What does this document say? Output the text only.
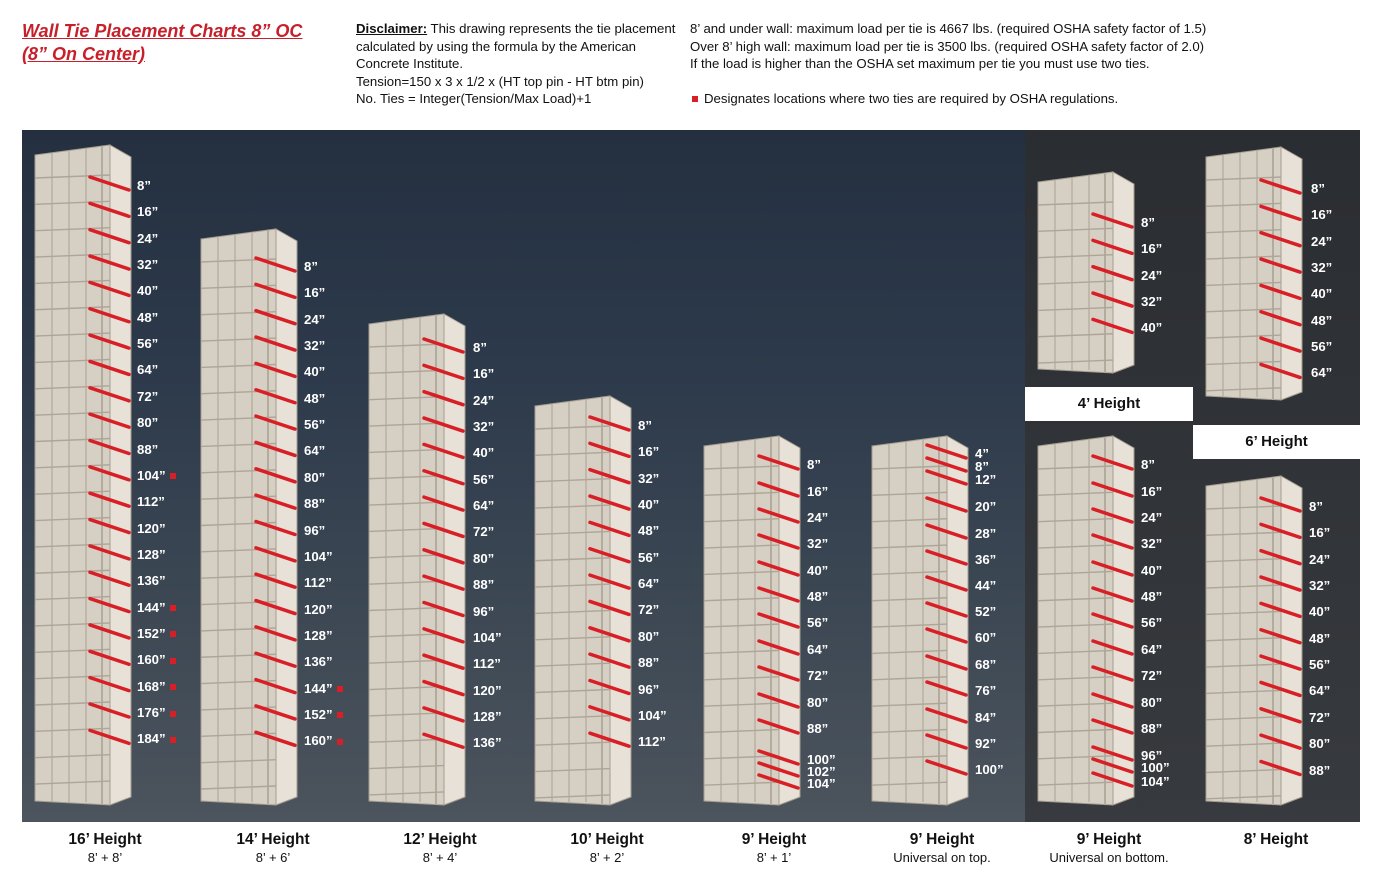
Wall Tie Placement Charts 8” OC
(8” On Center)
Disclaimer: This drawing represents the tie placement calculated by using the formula by the American Concrete Institute.
Tension=150 x 3 x 1/2 x (HT top pin - HT btm pin)
No. Ties = Integer(Tension/Max Load)+1
8’ and under wall: maximum load per tie is 4667 lbs. (required OSHA safety factor of 1.5)
Over 8’ high wall: maximum load per tie is 3500 lbs. (required OSHA safety factor of 2.0)
If the load is higher than the OSHA set maximum per tie you must use two ties.
Designates locations where two ties are required by OSHA regulations.
8”
16”
24”
32”
40”
48”
56”
64”
72”
80”
88”
104”
112”
120”
128”
136”
144”
152”
160”
168”
176”
184”
8”
16”
24”
32”
40”
48”
56”
64”
80”
88”
96”
104”
112”
120”
128”
136”
144”
152”
160”
8”
16”
24”
32”
40”
56”
64”
72”
80”
88”
96”
104”
112”
120”
128”
136”
8”
16”
32”
40”
48”
56”
64”
72”
80”
88”
96”
104”
112”
8”
16”
24”
32”
40”
48”
56”
64”
72”
80”
88”
100”
102”
104”
4”
8”
12”
20”
28”
36”
44”
52”
60”
68”
76”
84”
92”
100”
8”
16”
24”
32”
40”
48”
56”
64”
72”
80”
88”
96”
100”
104”
8”
16”
24”
32”
40”
48”
56”
64”
72”
80”
88”
8”
16”
24”
32”
40”
8”
16”
24”
32”
40”
48”
56”
64”
4’ Height
6’ Height
16’ Height
8’ + 8’
14’ Height
8’ + 6’
12’ Height
8’ + 4’
10’ Height
8’ + 2’
9’ Height
8’ + 1’
9’ Height
Universal on top.
9’ Height
Universal on bottom.
8’ Height
